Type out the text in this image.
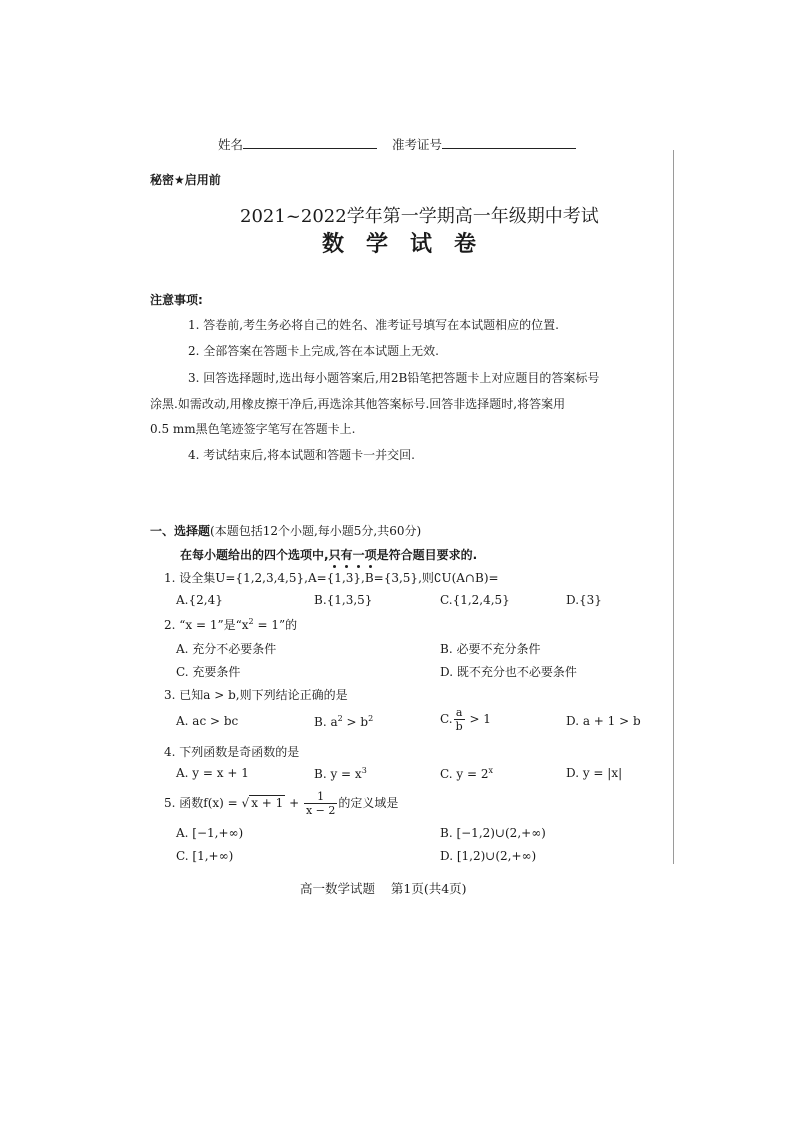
姓名	准考证号
秘密★启用前
2021~2022学年第一学期高一年级期中考试
数学试卷
注意事项:
1. 答卷前,考生务必将自己的姓名、准考证号填写在本试题相应的位置.
2. 全部答案在答题卡上完成,答在本试题上无效.
3. 回答选择题时,选出每小题答案后,用2B铅笔把答题卡上对应题目的答案标号
涂黑.如需改动,用橡皮擦干净后,再选涂其他答案标号.回答非选择题时,将答案用
0.5 mm黑色笔迹签字笔写在答题卡上.
4. 考试结束后,将本试题和答题卡一并交回.
一、选择题(本题包括12个小题,每小题5分,共60分)
在每小题给出的四个选项中,只有一项是符合题目要求的.
1. 设全集U={1,2,3,4,5},A={1,3},B={3,5},则∁U(A∩B)=
A.{2,4}	B.{1,3,5}	C.{1,2,4,5}	D.{3}
2. “x = 1”是“$x^2 = 1$”的
A. 充分不必要条件	B. 必要不充分条件
C. 充要条件	D. 既不充分也不必要条件
3. 已知a > b,则下列结论正确的是
A. ac > bc	B. $a^2 > b^2$	C. $\frac{a}{b} > 1$	D. a + 1 > b
4. 下列函数是奇函数的是
A. y = x + 1	B. $y = x^3$	C. $y = 2^x$	D. y = |x|
5. 函数f(x) = √ $x + 1 + \frac{1}{x - 2}$ 的定义域是
A. [−1,+∞)	B. [−1,2)∪(2,+∞)
C. [1,+∞)	D. [1,2)∪(2,+∞)
高一数学试题    第1页(共4页)
